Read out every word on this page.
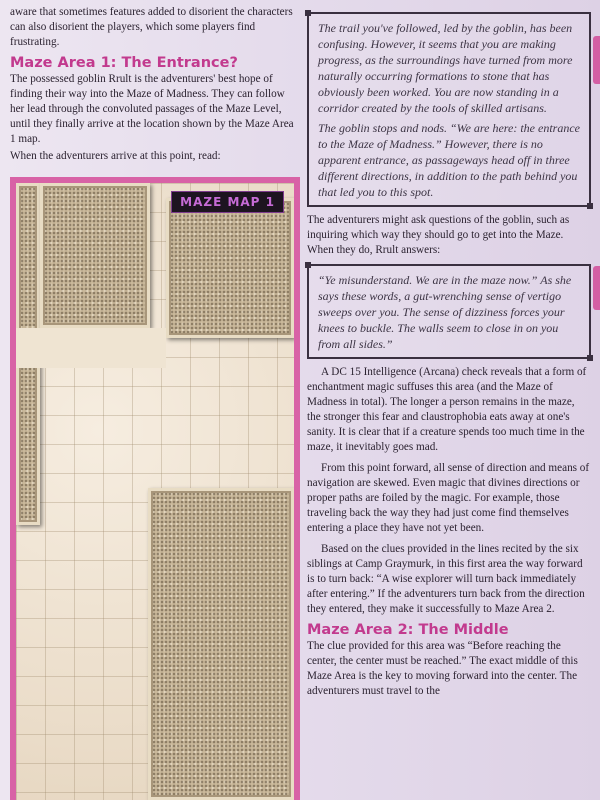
aware that sometimes features added to disorient the characters can also disorient the players, which some players find frustrating.

Maze Area 1: The Entrance?

The possessed goblin Rrult is the adventurers' best hope of finding their way into the Maze of Madness. They can follow her lead through the convoluted passages of the Maze Level, until they finally arrive at the location shown by the Maze Area 1 map.

When the adventurers arrive at this point, read:

MAZE MAP 1

The trail you've followed, led by the goblin, has been confusing. However, it seems that you are making progress, as the surroundings have turned from more naturally occurring formations to stone that has obviously been worked. You are now standing in a corridor created by the tools of skilled artisans.

The goblin stops and nods. “We are here: the entrance to the Maze of Madness.” However, there is no apparent entrance, as passageways head off in three different directions, in addition to the path behind you that led you to this spot.

The adventurers might ask questions of the goblin, such as inquiring which way they should go to get into the Maze. When they do, Rrult answers:

“Ye misunderstand. We are in the maze now.” As she says these words, a gut-wrenching sense of vertigo sweeps over you. The sense of dizziness forces your knees to buckle. The walls seem to close in on you from all sides.”

A DC 15 Intelligence (Arcana) check reveals that a form of enchantment magic suffuses this area (and the Maze of Madness in total). The longer a person remains in the maze, the stronger this fear and claustrophobia eats away at one's sanity. It is clear that if a creature spends too much time in the maze, it inevitably goes mad.

From this point forward, all sense of direction and means of navigation are skewed. Even magic that divines directions or proper paths are foiled by the magic. For example, those traveling back the way they had just come find themselves entering a place they have not yet been.

Based on the clues provided in the lines recited by the six siblings at Camp Graymurk, in this first area the way forward is to turn back: “A wise explorer will turn back immediately after entering.” If the adventurers turn back from the direction they entered, they make it successfully to Maze Area 2.

Maze Area 2: The Middle

The clue provided for this area was “Before reaching the center, the center must be reached.” The exact middle of this Maze Area is the key to moving forward into the center. The adventurers must travel to the
